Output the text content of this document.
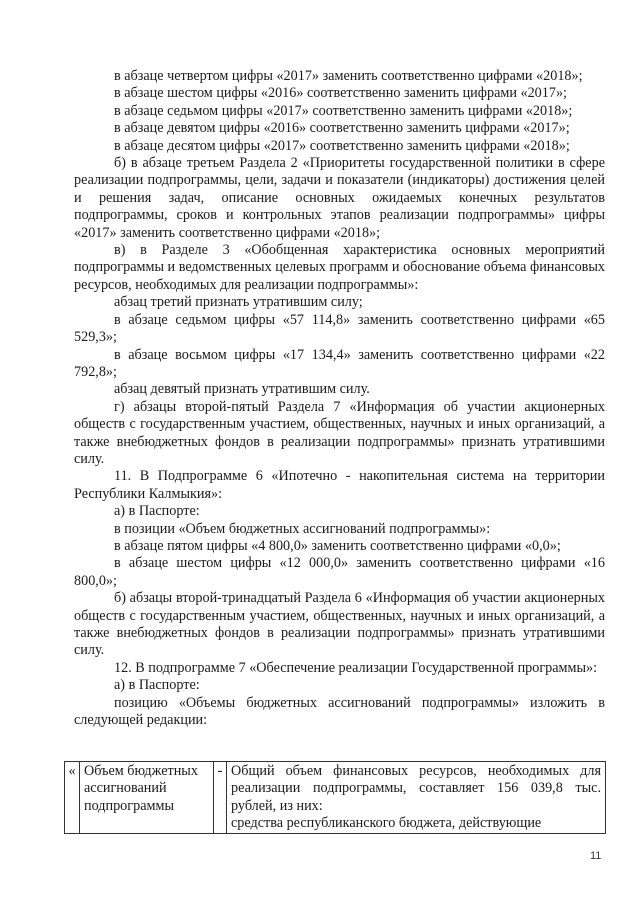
в абзаце четвертом цифры «2017» заменить соответственно цифрами «2018»;

в абзаце шестом цифры «2016» соответственно заменить цифрами «2017»;

в абзаце седьмом цифры «2017» соответственно заменить цифрами «2018»;

в абзаце девятом цифры «2016» соответственно заменить цифрами «2017»;

в абзаце десятом цифры «2017» соответственно заменить цифрами «2018»;

б) в абзаце третьем Раздела 2 «Приоритеты государственной политики в сфере реализации подпрограммы, цели, задачи и показатели (индикаторы) достижения целей и решения задач, описание основных ожидаемых конечных результатов подпрограммы, сроков и контрольных этапов реализации подпрограммы» цифры «2017» заменить соответственно цифрами «2018»;

в) в Разделе 3 «Обобщенная характеристика основных мероприятий подпрограммы и ведомственных целевых программ и обоснование объема финансовых ресурсов, необходимых для реализации подпрограммы»:

абзац третий признать утратившим силу;

в абзаце седьмом цифры «57 114,8» заменить соответственно цифрами «65 529,3»;

в абзаце восьмом цифры «17 134,4» заменить соответственно цифрами «22 792,8»;

абзац девятый признать утратившим силу.

г) абзацы второй-пятый Раздела 7 «Информация об участии акционерных обществ с государственным участием, общественных, научных и иных организаций, а также внебюджетных фондов в реализации подпрограммы» признать утратившими силу.

11. В Подпрограмме 6 «Ипотечно - накопительная система на территории Республики Калмыкия»:

а) в Паспорте:

в позиции «Объем бюджетных ассигнований подпрограммы»:

в абзаце пятом цифры «4 800,0» заменить соответственно цифрами «0,0»;

в абзаце шестом цифры «12 000,0» заменить соответственно цифрами «16 800,0»;

б) абзацы второй-тринадцатый Раздела 6 «Информация об участии акционерных обществ с государственным участием, общественных, научных и иных организаций, а также внебюджетных фондов в реализации подпрограммы» признать утратившими силу.

12. В подпрограмме 7 «Обеспечение реализации Государственной программы»:

а) в Паспорте:

позицию «Объемы бюджетных ассигнований подпрограммы» изложить в следующей редакции:

«	Объем бюджетных ассигнований подпрограммы	-	Общий объем финансовых ресурсов, необходимых для реализации подпрограммы, составляет 156 039,8 тыс. рублей, из них:
средства республиканского бюджета, действующие
11
